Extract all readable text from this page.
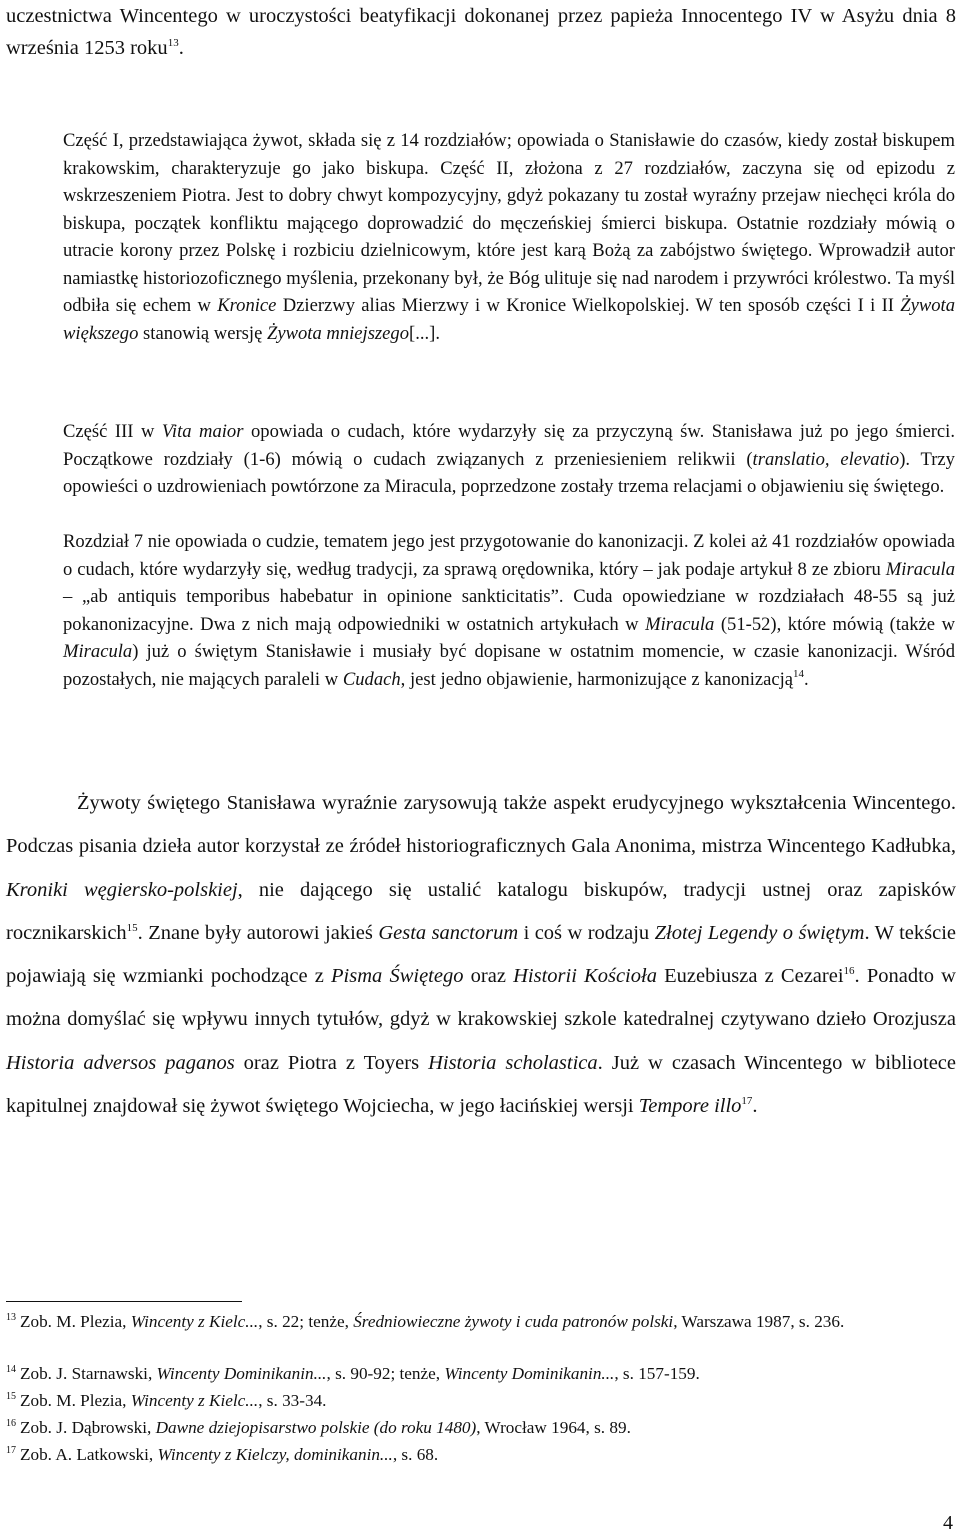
uczestnictwa Wincentego w uroczystości beatyfikacji dokonanej przez papieża Innocentego IV w Asyżu dnia 8 września 1253 roku$^{13}$.

Część I, przedstawiająca żywot, składa się z 14 rozdziałów; opowiada o Stanisławie do czasów, kiedy został biskupem krakowskim, charakteryzuje go jako biskupa. Część II, złożona z 27 rozdziałów, zaczyna się od epizodu z wskrzeszeniem Piotra. Jest to dobry chwyt kompozycyjny, gdyż pokazany tu został wyraźny przejaw niechęci króla do biskupa, początek konfliktu mającego doprowadzić do męczeńskiej śmierci biskupa. Ostatnie rozdziały mówią o utracie korony przez Polskę i rozbiciu dzielnicowym, które jest karą Bożą za zabójstwo świętego. Wprowadził autor namiastkę historiozoficznego myślenia, przekonany był, że Bóg ulituje się nad narodem i przywróci królestwo. Ta myśl odbiła się echem w Kronice Dzierzwy alias Mierzwy i w Kronice Wielkopolskiej. W ten sposób części I i II Żywota większego stanowią wersję Żywota mniejszego[...].

Część III w Vita maior opowiada o cudach, które wydarzyły się za przyczyną św. Stanisława już po jego śmierci. Początkowe rozdziały (1-6) mówią o cudach związanych z przeniesieniem relikwii (translatio, elevatio). Trzy opowieści o uzdrowieniach powtórzone za Miracula, poprzedzone zostały trzema relacjami o objawieniu się świętego.

Rozdział 7 nie opowiada o cudzie, tematem jego jest przygotowanie do kanonizacji. Z kolei aż 41 rozdziałów opowiada o cudach, które wydarzyły się, według tradycji, za sprawą orędownika, który – jak podaje artykuł 8 ze zbioru Miracula – „ab antiquis temporibus habebatur in opinione sankticitatis”. Cuda opowiedziane w rozdziałach 48-55 są już pokanonizacyjne. Dwa z nich mają odpowiedniki w ostatnich artykułach w Miracula (51-52), które mówią (także w Miracula) już o świętym Stanisławie i musiały być dopisane w ostatnim momencie, w czasie kanonizacji. Wśród pozostałych, nie mających paraleli w Cudach, jest jedno objawienie, harmonizujące z kanonizacją$^{14}$.

Żywoty świętego Stanisława wyraźnie zarysowują także aspekt erudycyjnego wykształcenia Wincentego. Podczas pisania dzieła autor korzystał ze źródeł historiograficznych Gala Anonima, mistrza Wincentego Kadłubka, Kroniki węgiersko-polskiej, nie dającego się ustalić katalogu biskupów, tradycji ustnej oraz zapisków rocznikarskich$^{15}$. Znane były autorowi jakieś Gesta sanctorum i coś w rodzaju Złotej Legendy o świętym. W tekście pojawiają się wzmianki pochodzące z Pisma Świętego oraz Historii Kościoła Euzebiusza z Cezarei$^{16}$. Ponadto w można domyślać się wpływu innych tytułów, gdyż w krakowskiej szkole katedralnej czytywano dzieło Orozjusza Historia adversos paganos oraz Piotra z Toyers Historia scholastica. Już w czasach Wincentego w bibliotece kapitulnej znajdował się żywot świętego Wojciecha, w jego łacińskiej wersji Tempore illo$^{17}$.

$^{13}$ Zob. M. Plezia, Wincenty z Kielc..., s. 22; tenże, Średniowieczne żywoty i cuda patronów polski, Warszawa 1987, s. 236.

$^{14}$ Zob. J. Starnawski, Wincenty Dominikanin..., s. 90-92; tenże, Wincenty Dominikanin..., s. 157-159.

$^{15}$ Zob. M. Plezia, Wincenty z Kielc..., s. 33-34.

$^{16}$ Zob. J. Dąbrowski, Dawne dziejopisarstwo polskie (do roku 1480), Wrocław 1964, s. 89.

$^{17}$ Zob. A. Latkowski, Wincenty z Kielczy, dominikanin..., s. 68.

4
